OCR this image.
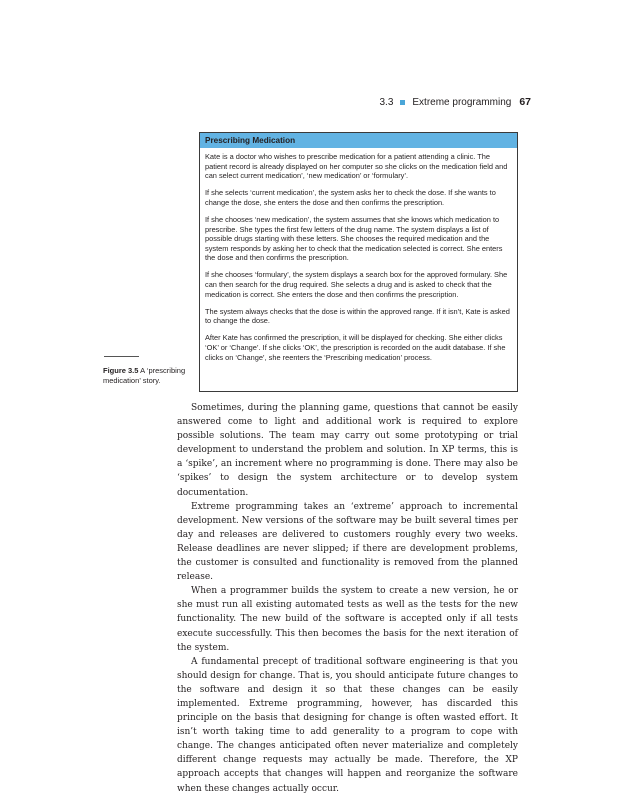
3.3 Extreme programming 67
Prescribing Medication

Kate is a doctor who wishes to prescribe medication for a patient attending a clinic. The patient record is already displayed on her computer so she clicks on the medication field and can select current medication’, ‘new medication’ or ‘formulary’.

If she selects ‘current medication’, the system asks her to check the dose. If she wants to change the dose, she enters the dose and then confirms the prescription.

If she chooses ‘new medication’, the system assumes that she knows which medication to prescribe. She types the first few letters of the drug name. The system displays a list of possible drugs starting with these letters. She chooses the required medication and the system responds by asking her to check that the medication selected is correct. She enters the dose and then confirms the prescription.

If she chooses ‘formulary’, the system displays a search box for the approved formulary. She can then search for the drug required. She selects a drug and is asked to check that the medication is correct. She enters the dose and then confirms the prescription.

The system always checks that the dose is within the approved range. If it isn’t, Kate is asked to change the dose.

After Kate has confirmed the prescription, it will be displayed for checking. She either clicks ‘OK’ or ‘Change’. If she clicks ‘OK’, the prescription is recorded on the audit database. If she clicks on ‘Change’, she reenters the ‘Prescribing medication’ process.

Figure 3.5 A ‘prescribing medication’ story.

Sometimes, during the planning game, questions that cannot be easily answered come to light and additional work is required to explore possible solutions. The team may carry out some prototyping or trial development to understand the problem and solution. In XP terms, this is a ‘spike’, an increment where no programming is done. There may also be ‘spikes’ to design the system architecture or to develop system documentation.

Extreme programming takes an ‘extreme’ approach to incremental development. New versions of the software may be built several times per day and releases are delivered to customers roughly every two weeks. Release deadlines are never slipped; if there are development problems, the customer is consulted and functionality is removed from the planned release.

When a programmer builds the system to create a new version, he or she must run all existing automated tests as well as the tests for the new functionality. The new build of the software is accepted only if all tests execute successfully. This then becomes the basis for the next iteration of the system.

A fundamental precept of traditional software engineering is that you should design for change. That is, you should anticipate future changes to the software and design it so that these changes can be easily implemented. Extreme programming, however, has discarded this principle on the basis that designing for change is often wasted effort. It isn’t worth taking time to add generality to a program to cope with change. The changes anticipated often never materialize and completely different change requests may actually be made. Therefore, the XP approach accepts that changes will happen and reorganize the software when these changes actually occur.
